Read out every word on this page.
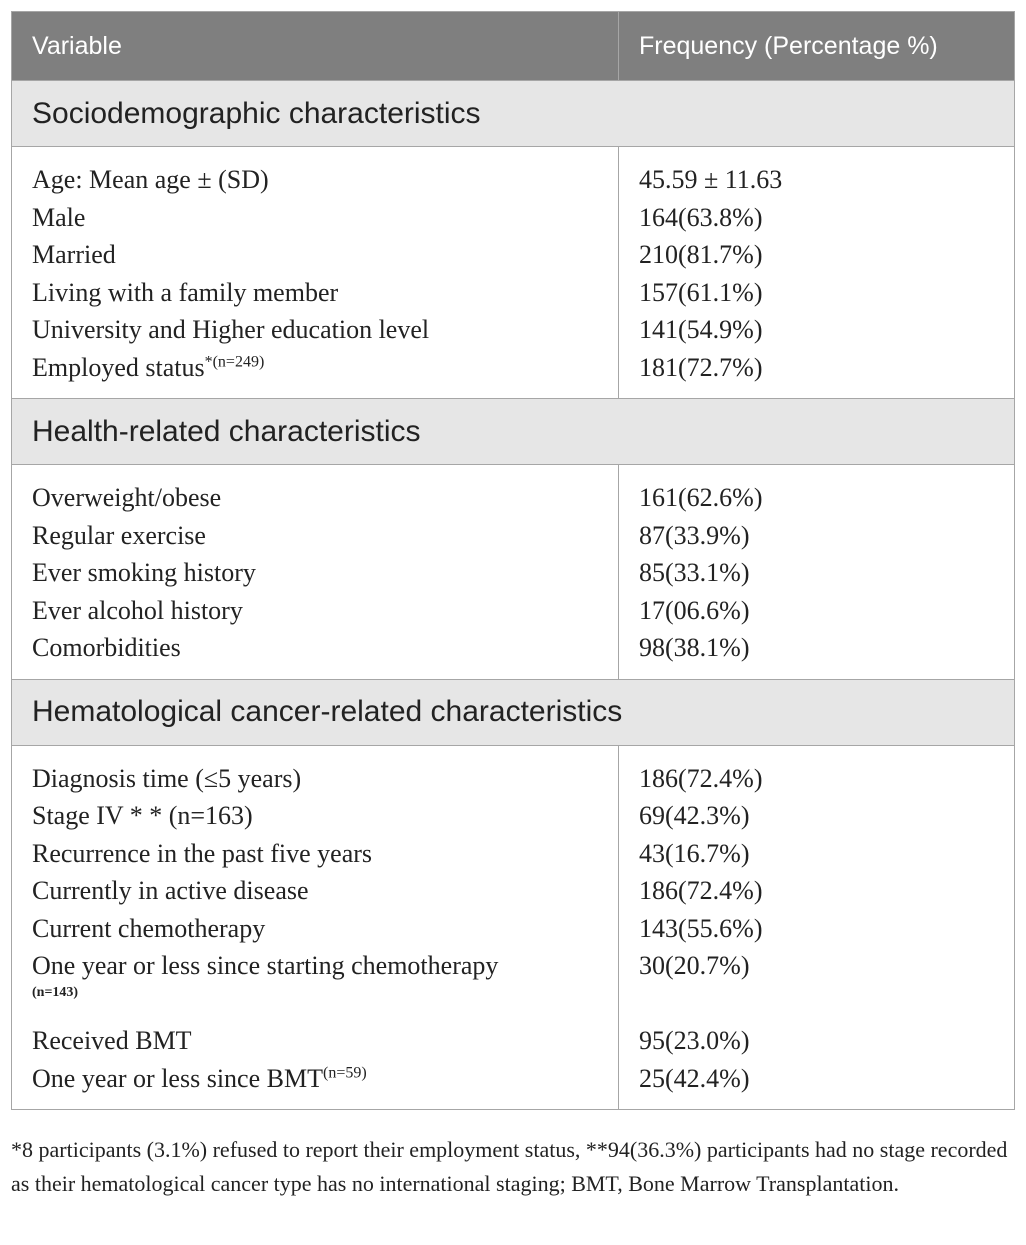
Variable	Frequency (Percentage %)
Sociodemographic characteristics
Age: Mean age ± (SD)
Male
Married
Living with a family member
University and Higher education level
Employed status$^{*(n=249)}$
45.59 ± 11.63
164(63.8%)
210(81.7%)
157(61.1%)
141(54.9%)
181(72.7%)
Health-related characteristics
Overweight/obese
Regular exercise
Ever smoking history
Ever alcohol history
Comorbidities
161(62.6%)
87(33.9%)
85(33.1%)
17(06.6%)
98(38.1%)
Hematological cancer-related characteristics
Diagnosis time (≤5 years)
Stage IV * * (n=163)
Recurrence in the past five years
Currently in active disease
Current chemotherapy
One year or less since starting chemotherapy
(n=143)
Received BMT
One year or less since $BMT^{(n=59)}$
186(72.4%)
69(42.3%)
43(16.7%)
186(72.4%)
143(55.6%)
30(20.7%)
95(23.0%)
25(42.4%)
*8 participants (3.1%) refused to report their employment status, **94(36.3%) participants had no stage recorded as their hematological cancer type has no international staging; BMT, Bone Marrow Transplantation.
